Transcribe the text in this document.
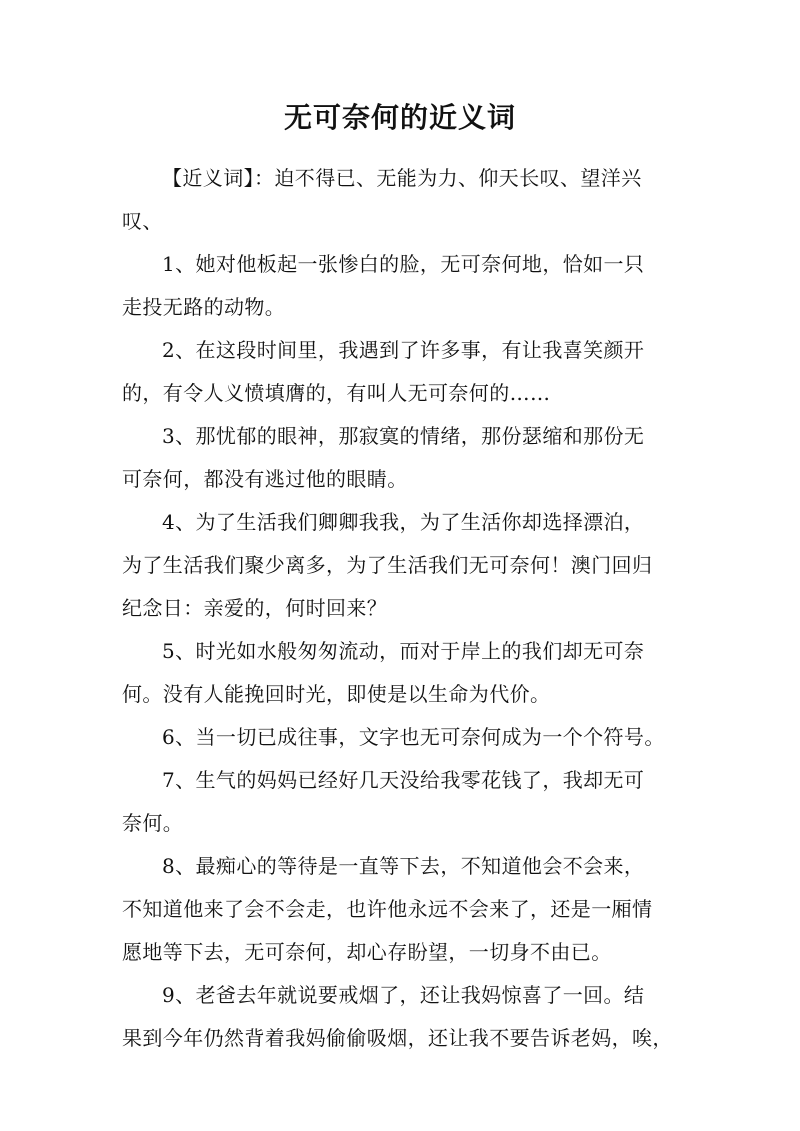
无可奈何的近义词

【近义词】：迫不得已、无能为力、仰天长叹、望洋兴
叹、

1、她对他板起一张惨白的脸，无可奈何地，恰如一只
走投无路的动物。

2、在这段时间里，我遇到了许多事，有让我喜笑颜开
的，有令人义愤填膺的，有叫人无可奈何的……

3、那忧郁的眼神，那寂寞的情绪，那份瑟缩和那份无
可奈何，都没有逃过他的眼睛。

4、为了生活我们卿卿我我，为了生活你却选择漂泊，
为了生活我们聚少离多，为了生活我们无可奈何！澳门回归
纪念日：亲爱的，何时回来？

5、时光如水般匆匆流动，而对于岸上的我们却无可奈
何。没有人能挽回时光，即使是以生命为代价。

6、当一切已成往事，文字也无可奈何成为一个个符号。

7、生气的妈妈已经好几天没给我零花钱了，我却无可
奈何。

8、最痴心的等待是一直等下去，不知道他会不会来，
不知道他来了会不会走，也许他永远不会来了，还是一厢情
愿地等下去，无可奈何，却心存盼望，一切身不由已。

9、老爸去年就说要戒烟了，还让我妈惊喜了一回。结
果到今年仍然背着我妈偷偷吸烟，还让我不要告诉老妈，唉，
